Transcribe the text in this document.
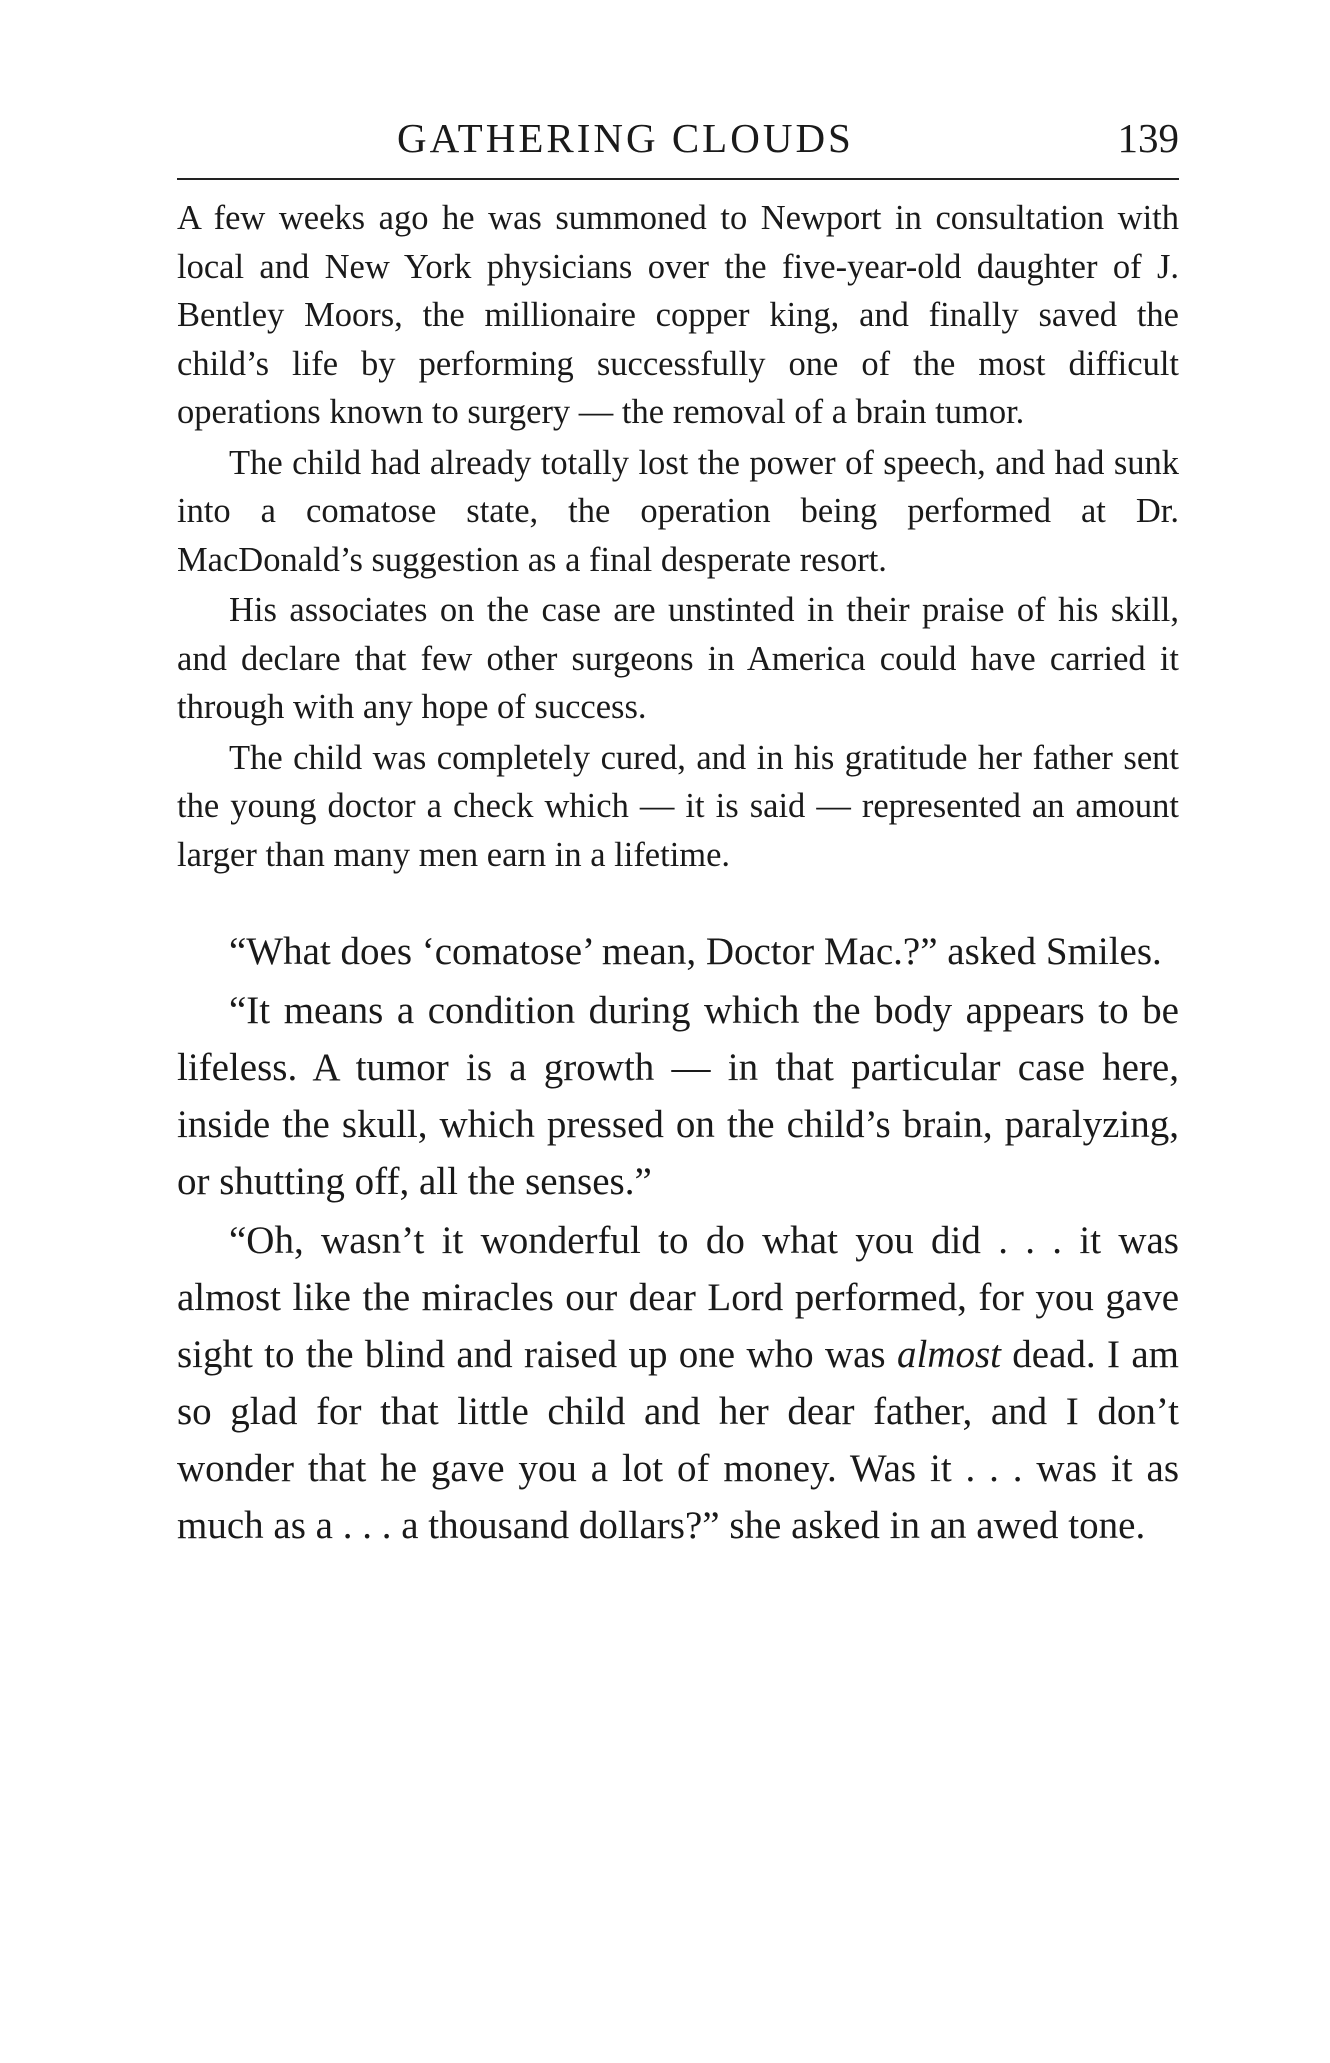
GATHERING CLOUDS	139

A few weeks ago he was summoned to Newport in consultation with local and New York physicians over the five-year-old daughter of J. Bentley Moors, the millionaire copper king, and finally saved the child’s life by performing successfully one of the most difficult operations known to surgery — the removal of a brain tumor.

The child had already totally lost the power of speech, and had sunk into a comatose state, the operation being performed at Dr. MacDonald’s suggestion as a final desperate resort.

His associates on the case are unstinted in their praise of his skill, and declare that few other surgeons in America could have carried it through with any hope of success.

The child was completely cured, and in his gratitude her father sent the young doctor a check which — it is said — represented an amount larger than many men earn in a lifetime.

“What does ‘comatose’ mean, Doctor Mac.?” asked Smiles.

“It means a condition during which the body appears to be lifeless. A tumor is a growth — in that particular case here, inside the skull, which pressed on the child’s brain, paralyzing, or shutting off, all the senses.”

“Oh, wasn’t it wonderful to do what you did . . . it was almost like the miracles our dear Lord performed, for you gave sight to the blind and raised up one who was almost dead. I am so glad for that little child and her dear father, and I don’t wonder that he gave you a lot of money. Was it . . . was it as much as a . . . a thousand dollars?” she asked in an awed tone.
